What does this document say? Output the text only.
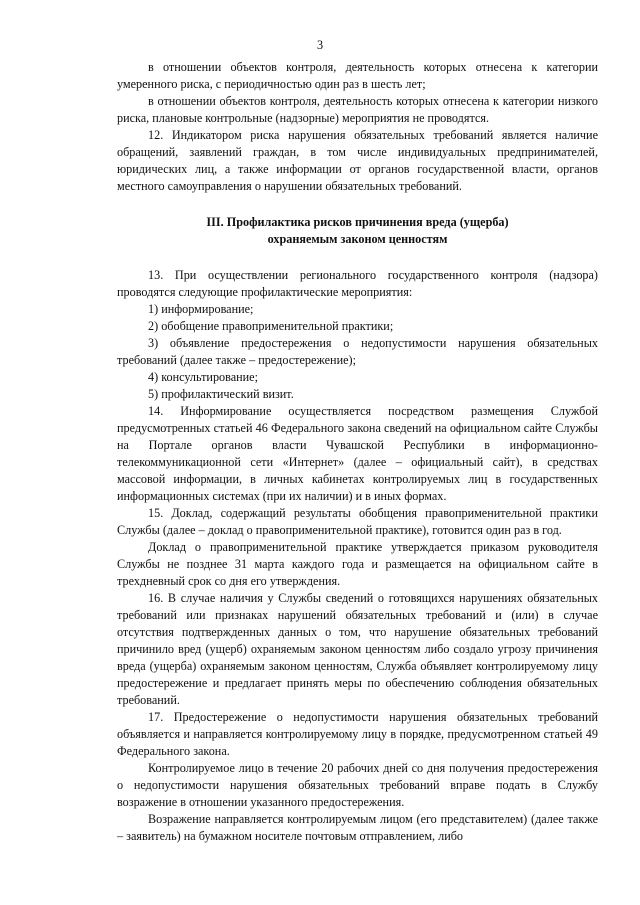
3

в отношении объектов контроля, деятельность которых отнесена к категории умеренного риска, с периодичностью один раз в шесть лет;

в отношении объектов контроля, деятельность которых отнесена к категории низкого риска, плановые контрольные (надзорные) мероприятия не проводятся.

12. Индикатором риска нарушения обязательных требований является наличие обращений, заявлений граждан, в том числе индивидуальных предпринимателей, юридических лиц, а также информации от органов государственной власти, органов местного самоуправления о нарушении обязательных требований.

III. Профилактика рисков причинения вреда (ущерба)
охраняемым законом ценностям

13. При осуществлении регионального государственного контроля (надзора) проводятся следующие профилактические мероприятия:

1) информирование;

2) обобщение правоприменительной практики;

3) объявление предостережения о недопустимости нарушения обязательных требований (далее также – предостережение);

4) консультирование;

5) профилактический визит.

14. Информирование осуществляется посредством размещения Службой предусмотренных статьей 46 Федерального закона сведений на официальном сайте Службы на Портале органов власти Чувашской Республики в информационно-телекоммуникационной сети «Интернет» (далее – официальный сайт), в средствах массовой информации, в личных кабинетах контролируемых лиц в государственных информационных системах (при их наличии) и в иных формах.

15. Доклад, содержащий результаты обобщения правоприменительной практики Службы (далее – доклад о правоприменительной практике), готовится один раз в год.

Доклад о правоприменительной практике утверждается приказом руководителя Службы не позднее 31 марта каждого года и размещается на официальном сайте в трехдневный срок со дня его утверждения.

16. В случае наличия у Службы сведений о готовящихся нарушениях обязательных требований или признаках нарушений обязательных требований и (или) в случае отсутствия подтвержденных данных о том, что нарушение обязательных требований причинило вред (ущерб) охраняемым законом ценностям либо создало угрозу причинения вреда (ущерба) охраняемым законом ценностям, Служба объявляет контролируемому лицу предостережение и предлагает принять меры по обеспечению соблюдения обязательных требований.

17. Предостережение о недопустимости нарушения обязательных требований объявляется и направляется контролируемому лицу в порядке, предусмотренном статьей 49 Федерального закона.

Контролируемое лицо в течение 20 рабочих дней со дня получения предостережения о недопустимости нарушения обязательных требований вправе подать в Службу возражение в отношении указанного предостережения.

Возражение направляется контролируемым лицом (его представителем) (далее также – заявитель) на бумажном носителе почтовым отправлением, либо
